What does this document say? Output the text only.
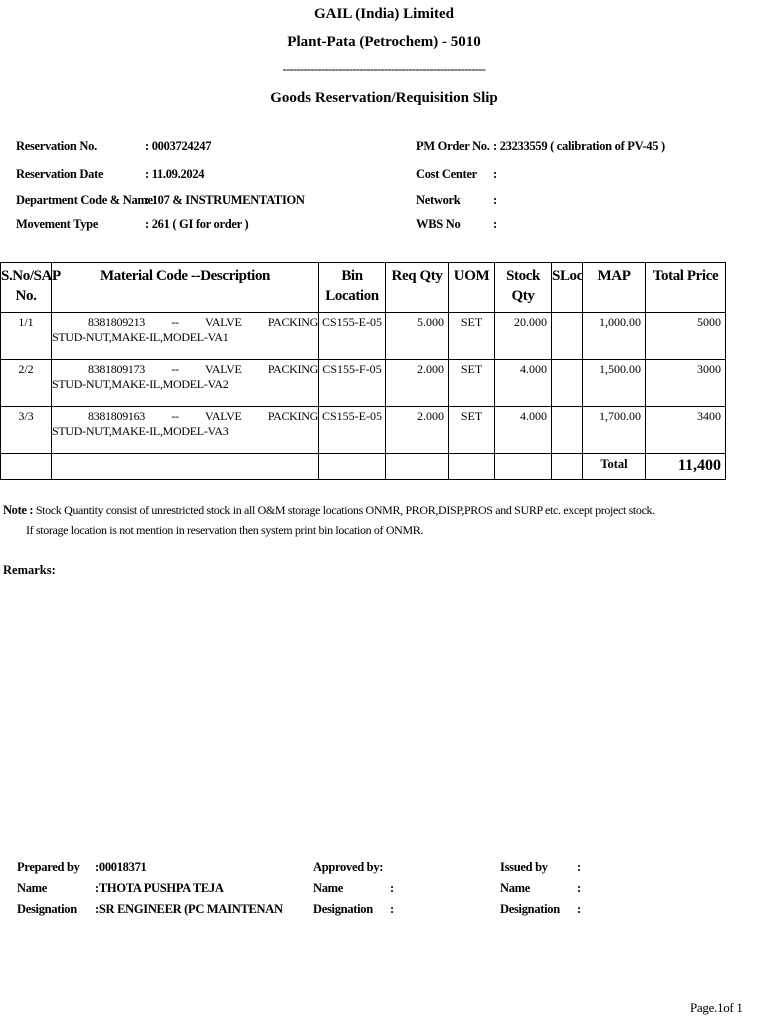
GAIL (India) Limited
Plant-Pata (Petrochem) - 5010
----------------------------------------------------------
Goods Reservation/Requisition Slip
Reservation No.	: 0003724247
Reservation Date	: 11.09.2024
Department Code & Name
: 107 & INSTRUMENTATION
Movement Type	: 261 ( GI for order )
PM Order No. : 23233559 ( calibration of PV-45 )
Cost Center :
Network	:
WBS No	:
S.No/SAP No.	Material Code --Description	Bin Location	Req Qty	UOM	Stock Qty	SLoc	MAP	Total Price
1/1	8381809213 -- VALVE PACKING
STUD-NUT,MAKE-IL,MODEL-VA1	CS155-E-05	5.000	SET	20.000		1,000.00	5000
2/2	8381809173 -- VALVE PACKING
STUD-NUT,MAKE-IL,MODEL-VA2	CS155-F-05	2.000	SET	4.000		1,500.00	3000
3/3	8381809163 -- VALVE PACKING
STUD-NUT,MAKE-IL,MODEL-VA3	CS155-E-05	2.000	SET	4.000		1,700.00	3400
							Total	11,400
Note : Stock Quantity consist of unrestricted stock in all O&M storage locations ONMR, PROR,DISP,PROS and SURP etc. except project stock.
If storage location is not mention in reservation then system print bin location of ONMR.
Remarks:
Prepared by :00018371
Name	:THOTA PUSHPA TEJA
Designation :SR ENGINEER (PC MAINTENAN
Approved by:
Name	:
Designation :
Issued by :
Name	:
Designation :
Page.1of 1
